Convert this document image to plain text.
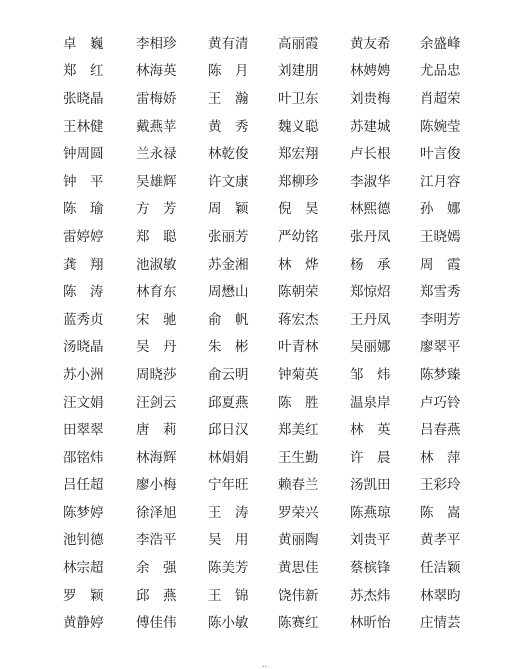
卓　巍	李相珍	黄有清	高丽霞	黄友希	余盛峰
郑　红	林海英	陈　月	刘建朋	林娉娉	尤品忠
张晓晶	雷梅娇	王　瀚	叶卫东	刘贵梅	肖超荣
王林健	戴燕苹	黄　秀	魏义聪	苏建城	陈婉莹
钟周圆	兰永禄	林乾俊	郑宏翔	卢长根	叶言俊
钟　平	吴雄辉	许文康	郑柳珍	李淑华	江月容
陈　瑜	方　芳	周　颖	倪　昊	林熙德	孙　娜
雷婷婷	郑　聪	张丽芳	严幼铭	张丹凤	王晓嫣
龚　翔	池淑敏	苏金湘	林　烨	杨　承	周　霞
陈　涛	林育东	周懋山	陈朝荣	郑惊炤	郑雪秀
蓝秀贞	宋　驰	俞　帆	蒋宏杰	王丹凤	李明芳
汤晓晶	吴　丹	朱　彬	叶青林	吴丽娜	廖翠平
苏小洲	周晓莎	俞云明	钟菊英	邹　炜	陈梦臻
汪文娟	汪剑云	邱夏燕	陈　胜	温泉岸	卢巧铃
田翠翠	唐　莉	邱日汉	郑美红	林　英	吕春燕
邵铭炜	林海辉	林娟娟	王生勤	许　晨	林　萍
吕任超	廖小梅	宁年旺	赖春兰	汤凯田	王彩玲
陈梦婷	徐泽旭	王　涛	罗荣兴	陈燕琼	陈　嵩
池钊德	李浩平	吴　用	黄丽陶	刘贵平	黄孝平
林宗超	余　强	陈美芳	黄思佳	蔡槟锋	任洁颖
罗　颖	邱　燕	王　锦	饶伟新	苏杰炜	林翠昀
黄静婷	傅佳伟	陈小敏	陈赛红	林昕怡	庄情芸
..
